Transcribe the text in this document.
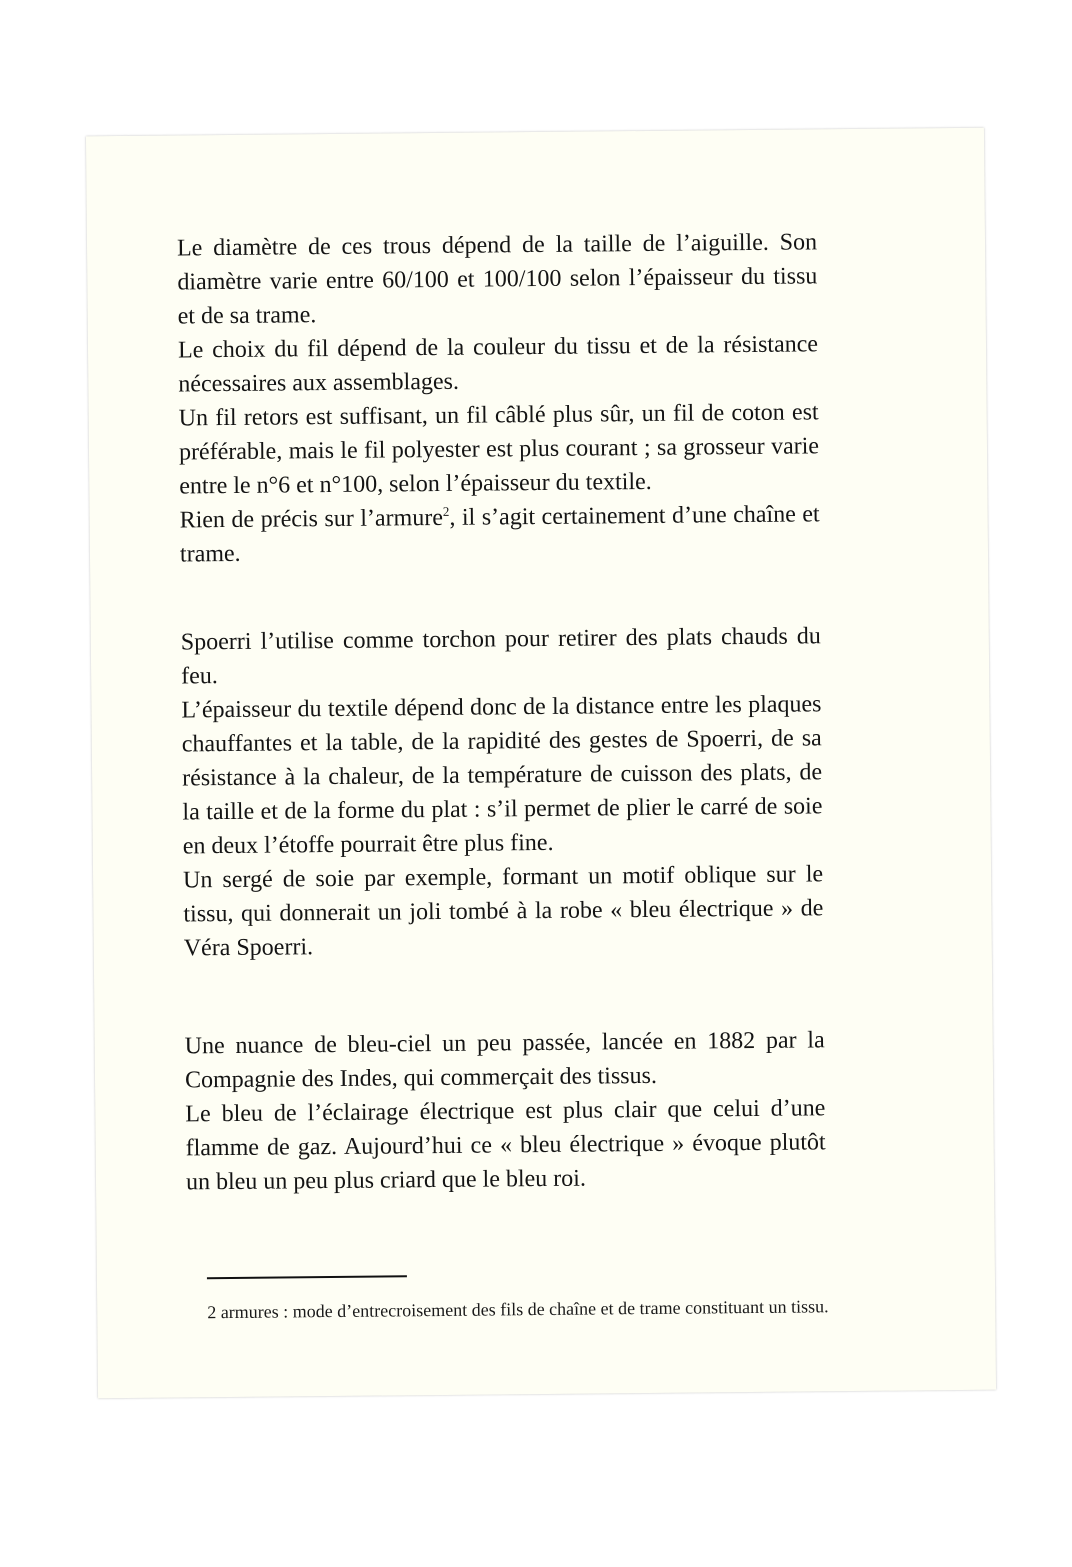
Le diamètre de ces trous dépend de la taille de l’aiguille. Son diamètre varie entre 60/100 et 100/100 selon l’épaisseur du tissu et de sa trame.

Le choix du fil dépend de la couleur du tissu et de la résistance nécessaires aux assemblages.

Un fil retors est suffisant, un fil câblé plus sûr, un fil de coton est préférable, mais le fil polyester est plus courant ; sa grosseur varie entre le n°6 et n°100, selon l’épaisseur du textile.

Rien de précis sur l’armure$^2$, il s’agit certainement d’une chaîne et trame.

Spoerri l’utilise comme torchon pour retirer des plats chauds du feu.

L’épaisseur du textile dépend donc de la distance entre les plaques chauffantes et la table, de la rapidité des gestes de Spoerri, de sa résistance à la chaleur, de la température de cuisson des plats, de la taille et de la forme du plat : s’il permet de plier le carré de soie en deux l’étoffe pourrait être plus fine.

Un sergé de soie par exemple, formant un motif oblique sur le tissu, qui donnerait un joli tombé à la robe « bleu électrique » de Véra Spoerri.

Une nuance de bleu-ciel un peu passée, lancée en 1882 par la Compagnie des Indes, qui commerçait des tissus.

Le bleu de l’éclairage électrique est plus clair que celui d’une flamme de gaz. Aujourd’hui ce « bleu électrique » évoque plutôt un bleu un peu plus criard que le bleu roi.

2 armures : mode d’entrecroisement des fils de chaîne et de trame constituant un tissu.
